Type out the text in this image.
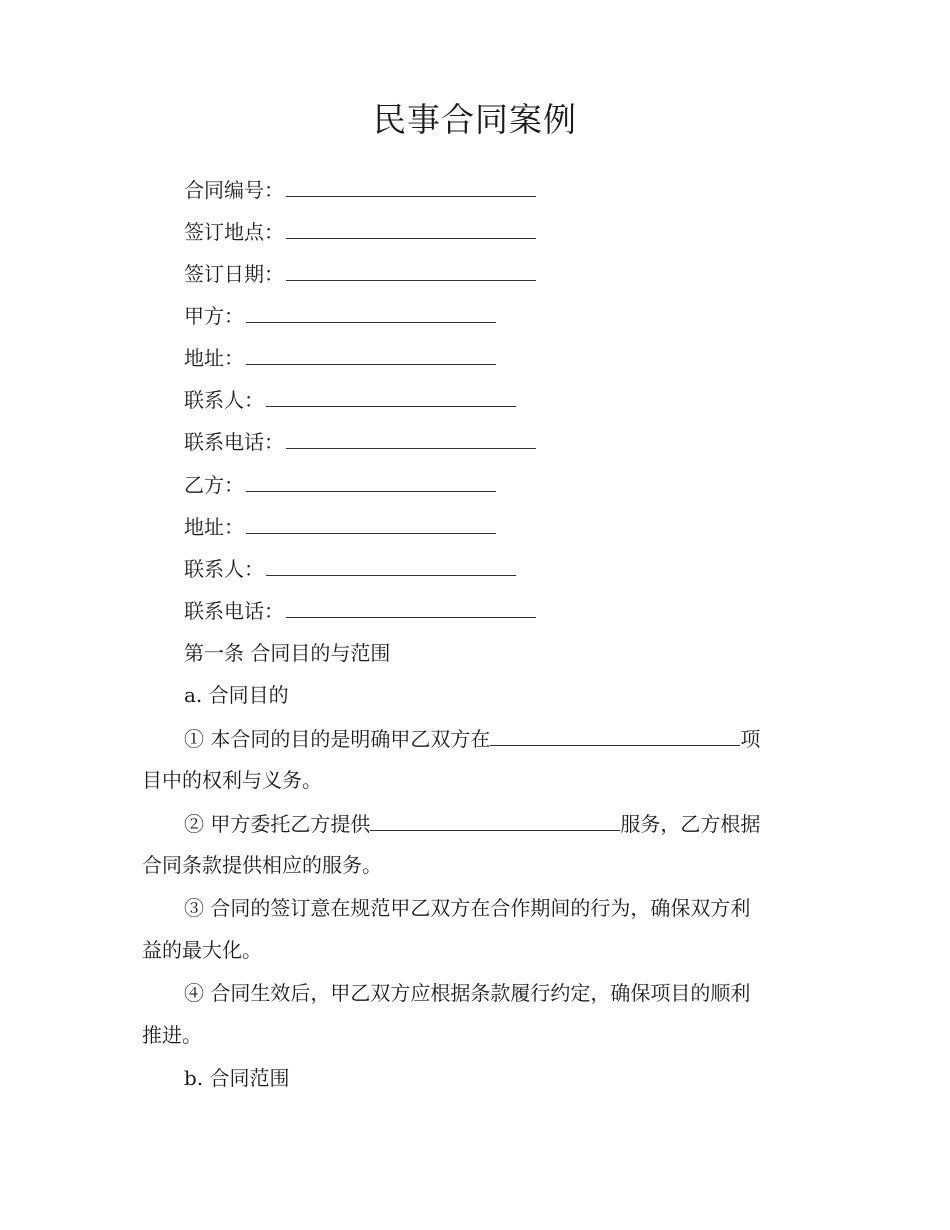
民事合同案例
合同编号：
签订地点：
签订日期：
甲方：
地址：
联系人：
联系电话：
乙方：
地址：
联系人：
联系电话：
第一条 合同目的与范围
a. 合同目的
① 本合同的目的是明确甲乙双方在	项
目中的权利与义务。
② 甲方委托乙方提供	服务，乙方根据
合同条款提供相应的服务。
③ 合同的签订意在规范甲乙双方在合作期间的行为，确保双方利
益的最大化。
④ 合同生效后，甲乙双方应根据条款履行约定，确保项目的顺利
推进。
b. 合同范围
